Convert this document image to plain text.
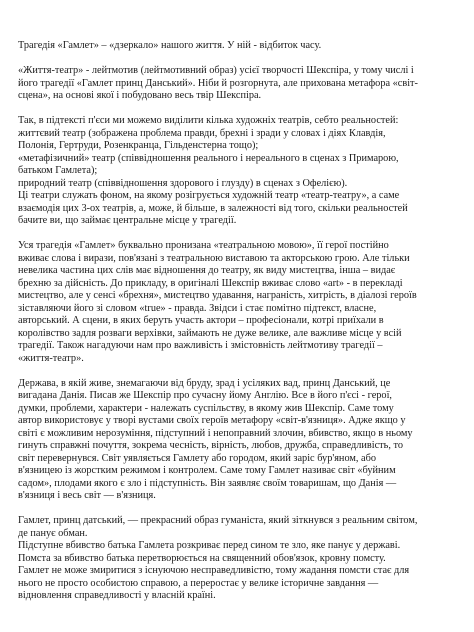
Трагедія «Гамлет» – «дзеркало» нашого життя. У ній - відбиток часу.
«Життя-театр» - лейтмотив (лейтмотивний образ) усієї творчості Шекспіра, у тому числі і
його трагедії «Гамлет принц Данський». Ніби й розгорнута, але прихована метафора «світ-
сцена», на основі якої і побудовано весь твір Шекспіра.
Так, в підтексті п'єси ми можемо виділити кілька художніх театрів, себто реальностей:
життєвий театр (зображена проблема правди, брехні і зради у словах і діях Клавдія,
Полонія, Гертруди, Розенкранца, Гільденстерна тощо);
«метафізичний» театр (співвідношення реального і нереального в сценах з Примарою,
батьком Гамлета);
природний театр (співвідношення здорового і глузду) в сценах з Офелією).
Ці театри служать фоном, на якому розігрується художній театр «театр-театру», а саме
взаємодія цих 3-ох театрів, а, може, й більше, в залежності від того, скільки реальностей
бачите ви, що займає центральне місце у трагедії.
Уся трагедія «Гамлет» буквально пронизана «театральною мовою», її герої постійно
вживає слова і вирази, пов'язані з театральною виставою та акторською грою. Але тільки
невелика частина цих слів має відношення до театру, як виду мистецтва, інша – видає
брехню за дійсність. До прикладу, в оригіналі Шекспір вживає слово «art» - в перекладі
мистецтво, але у сенсі «брехня», мистецтво удавання, награність, хитрість, в діалозі героїв
зіставляючи його зі словом «true» - правда. Звідси і стає помітно підтекст, власне,
авторський. А сцени, в яких беруть участь актори – професіонали, котрі приїхали в
королівство задля розваги верхівки, займають не дуже велике, але важливе місце у всій
трагедії. Також нагадуючи нам про важливість і змістовність лейтмотиву трагедії –
«життя-театр».
Держава, в якій живе, знемагаючи від бруду, зрад і усіляких вад, принц Данський, це
вигадана Данія. Писав же Шекспір про сучасну йому Англію. Все в його п'єсі - герої,
думки, проблеми, характери - належать суспільству, в якому жив Шекспір. Саме тому
автор використовує у творі вустами своїх героїв метафору «світ-в'язниця». Адже якщо у
світі є можливим нерозуміння, підступний і непоправний злочин, вбивство, якщо в ньому
гинуть справжні почуття, зокрема чесність, вірність, любов, дружба, справедливість, то
світ перевернувся. Світ уявляється Гамлету або городом, який заріс бур'яном, або
в'язницею із жорстким режимом і контролем. Саме тому Гамлет називає світ «буйним
садом», плодами якого є зло і підступність. Він заявляє своїм товаришам, що Данія —
в'язниця і весь світ — в'язниця.
Гамлет, принц датський, — прекрасний образ гуманіста, який зіткнувся з реальним світом,
де панує обман.
Підступне вбивство батька Гамлета розкриває перед сином те зло, яке панує у державі.
Помста за вбивство батька перетворюється на священний обов'язок, кровну помсту.
Гамлет не може змиритися з існуючою несправедливістю, тому жадання помсти стає для
нього не просто особистою справою, а переростає у велике історичне завдання —
відновлення справедливості у власній країні.
